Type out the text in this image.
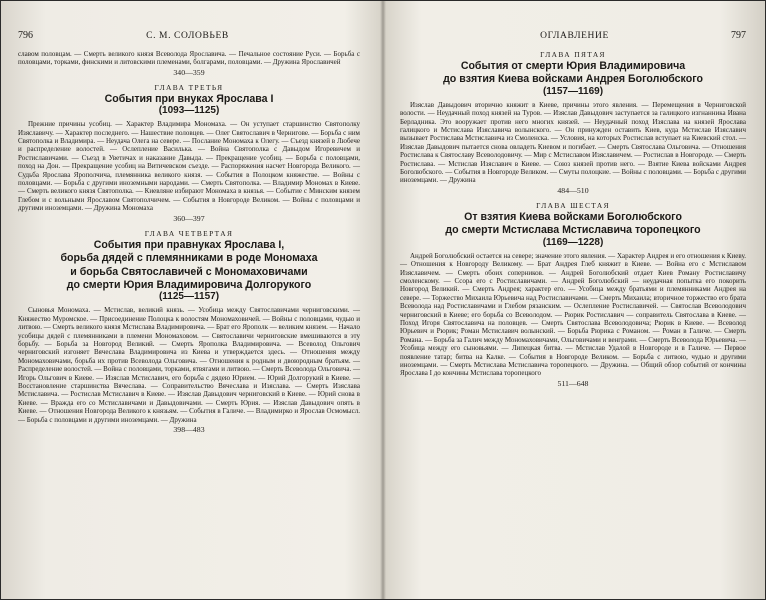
796	С. М. СОЛОВЬЕВ

славом половцам. — Смерть великого князя Всеволода Ярославича. — Печальное состояние Руси. — Борьба с половцами, торками, финскими и литовскими племенами, болгарами, половцами. — Дружина Ярославичей

340—359
ГЛАВА ТРЕТЬЯ
События при внуках Ярослава I
(1093—1125)

Прежние причины усобиц. — Характер Владимира Мономаха. — Он уступает старшинство Святополку Изяславичу. — Характер последнего. — Нашествие половцев. — Олег Святославич в Чернигове. — Борьба с ним Святополка и Владимира. — Неудача Олега на севере. — Послание Мономаха к Олегу. — Съезд князей в Любече и распределение волостей. — Ослепление Василька. — Война Святополка с Давыдом Игоревичем и Ростиславичами. — Съезд в Уветичах и наказание Давыда. — Прекращение усобиц. — Борьба с половцами, поход на Дон. — Прекращение усобиц на Витичевском съезде. — Распоряжения насчет Новгорода Великого. — Судьба Ярослава Ярополчича, племянника великого князя. — События в Полоцком княжестве. — Войны с половцами. — Борьба с другими иноземными народами. — Смерть Святополка. — Владимир Мономах в Киеве. — Смерть великого князя Святополка. — Киевляне избирают Мономаха в князья. — Событие с Минским князем Глебом и с вольными Ярославом Святополчичем. — События в Новгороде Великом. — Войны с половцами и другими иноземцами. — Дружина Мономаха

360—397
ГЛАВА ЧЕТВЕРТАЯ
События при правнуках Ярослава I,
борьба дядей с племянниками в роде Мономаха
и борьба Святославичей с Мономаховичами
до смерти Юрия Владимировича Долгорукого
(1125—1157)

Сыновья Мономаха. — Мстислав, великий князь. — Усобица между Святославичами черниговскими. — Княжество Муромское. — Присоединение Полоцка к волостям Мономаховичей. — Войны с половцами, чудью и литвою. — Смерть великого князя Мстислава Владимировича. — Брат его Ярополк — великим князем. — Начало усобицы дядей с племянниками в племени Мономаховом. — Святославичи черниговские вмешиваются в эту борьбу. — Борьба за Новгород Великий. — Смерть Ярополка Владимировича. — Всеволод Ольгович черниговский изгоняет Вячеслава Владимировича из Киева и утверждается здесь. — Отношения между Мономаховичами, борьба их против Всеволода Ольговича. — Отношения к родным и двоюродным братьям. — Распределение волостей. — Война с половцами, торками, ятвягами и литвою. — Смерть Всеволода Ольговича. — Игорь Ольгович в Киеве. — Изяслав Мстиславич, его борьба с дядею Юрием. — Юрий Долгорукий в Киеве. — Восстановление старшинства Вячеслава. — Соправительство Вячеслава и Изяслава. — Смерть Изяслава Мстиславича. — Ростислав Мстиславич в Киеве. — Изяслав Давыдович черниговский в Киеве. — Юрий снова в Киеве. — Вражда его со Мстиславичами и Давыдовичами. — Смерть Юрия. — Изяслав Давыдович опять в Киеве. — Отношения Новгорода Великого к князьям. — События в Галиче. — Владимирко и Ярослав Осмомысл. — Борьба с половцами и другими иноземцами. — Дружина

398—483
ОГЛАВЛЕНИЕ	797
ГЛАВА ПЯТАЯ
События от смерти Юрия Владимировича
до взятия Киева войсками Андрея Боголюбского
(1157—1169)

Изяслав Давыдович вторично княжит в Киеве, причины этого явления. — Перемещения в Черниговской волости. — Неудачный поход князей на Туров. — Изяслав Давыдович заступается за галицкого изгнанника Ивана Берладника. Это вооружает против него многих князей. — Неудачный поход Изяслава на князей Ярослава галицкого и Мстислава Изяславича волынского. — Он принужден оставить Киев, куда Мстислав Изяславич вызывает Ростислава Мстиславича из Смоленска. — Условия, на которых Ростислав вступает на Киевский стол. — Изяслав Давыдович пытается снова овладеть Киевом и погибает. — Смерть Святослава Ольговича. — Отношения Ростислава к Святославу Всеволодовичу. — Мир с Мстиславом Изяславичем. — Ростислав в Новгороде. — Смерть Ростислава. — Мстислав Изяславич в Киеве. — Союз князей против него. — Взятие Киева войсками Андрея Боголюбского. — События в Новгороде Великом. — Смуты полоцкие. — Войны с половцами. — Борьба с другими иноземцами. — Дружина

484—510
ГЛАВА ШЕСТАЯ
От взятия Киева войсками Боголюбского
до смерти Мстислава Мстиславича торопецкого
(1169—1228)

Андрей Боголюбский остается на севере; значение этого явления. — Характер Андрея и его отношения к Киеву. — Отношения к Новгороду Великому. — Брат Андрея Глеб княжит в Киеве. — Война его с Мстиславом Изяславичем. — Смерть обоих соперников. — Андрей Боголюбский отдает Киев Роману Ростиславичу смоленскому. — Ссора его с Ростиславичами. — Андрей Боголюбский — неудачная попытка его покорить Новгород Великий. — Смерть Андрея; характер его. — Усобица между братьями и племянниками Андрея на севере. — Торжество Михаила Юрьевича над Ростиславичами. — Смерть Михаила; вторичное торжество его брата Всеволода над Ростиславичами и Глебом рязанским. — Ослепление Ростиславичей. — Святослав Всеволодович черниговский в Киеве; его борьба со Всеволодом. — Рюрик Ростиславич — соправитель Святослава в Киеве. — Поход Игоря Святославича на половцев. — Смерть Святослава Всеволодовича; Рюрик в Киеве. — Всеволод Юрьевич и Рюрик; Роман Мстиславич волынский. — Борьба Рюрика с Романом. — Роман в Галиче. — Смерть Романа. — Борьба за Галич между Мономаховичами, Ольговичами и венграми. — Смерть Всеволода Юрьевича. — Усобица между его сыновьями. — Липецкая битва. — Мстислав Удалой в Новгороде и в Галиче. — Первое появление татар; битва на Калке. — События в Новгороде Великом. — Борьба с литвою, чудью и другими иноземцами. — Смерть Мстислава Мстиславича торопецкого. — Дружина. — Общий обзор событий от кончины Ярослава I до кончины Мстислава торопецкого

511—648
